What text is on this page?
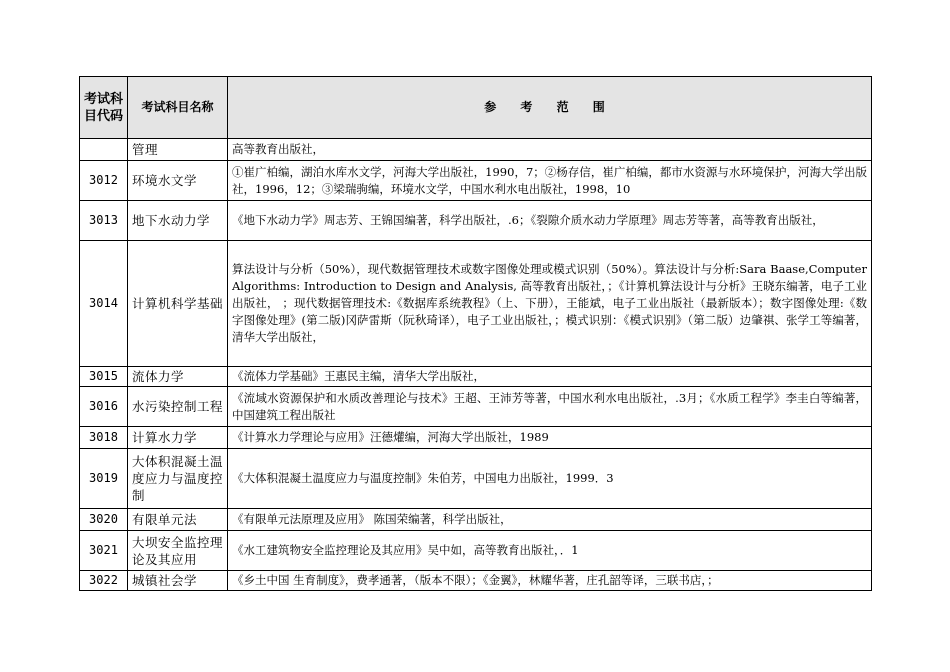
考试科目代码	考试科目名称	参 考 范 围
	管理	高等教育出版社，
3012	环境水文学	①崔广柏编，湖泊水库水文学，河海大学出版社，1990，7；②杨存信，崔广柏编，都市水资源与水环境保护，河海大学出版社，1996，12；③梁瑞驹编，环境水文学，中国水利水电出版社，1998，10
3013	地下水动力学	《地下水动力学》周志芳、王锦国编著，科学出版社，.6；《裂隙介质水动力学原理》周志芳等著，高等教育出版社，
3014	计算机科学基础	算法设计与分析（50%），现代数据管理技术或数字图像处理或模式识别（50%）。算法设计与分析:Sara Baase,Computer Algorithms: Introduction to Design and Analysis, 高等教育出版社，；《计算机算法设计与分析》王晓东编著，电子工业出版社， ；现代数据管理技术:《数据库系统教程》（上、下册），王能斌，电子工业出版社（最新版本）；数字图像处理:《数字图像处理》(第二版)冈萨雷斯（阮秋琦译），电子工业出版社，；模式识别：《模式识别》（第二版）边肇祺、张学工等编著，清华大学出版社，
3015	流体力学	《流体力学基础》王惠民主编，清华大学出版社，
3016	水污染控制工程	《流域水资源保护和水质改善理论与技术》王超、王沛芳等著，中国水利水电出版社，.3月；《水质工程学》李圭白等编著，中国建筑工程出版社
3018	计算水力学	《计算水力学理论与应用》汪德爟编，河海大学出版社，1989
3019	大体积混凝土温度应力与温度控制	《大体积混凝土温度应力与温度控制》朱伯芳，中国电力出版社，1999．3
3020	有限单元法	《有限单元法原理及应用》 陈国荣编著，科学出版社，
3021	大坝安全监控理论及其应用	《水工建筑物安全监控理论及其应用》吴中如，高等教育出版社，．1
3022	城镇社会学	《乡土中国 生育制度》，费孝通著，（版本不限）；《金翼》，林耀华著，庄孔韶等译，三联书店，；
